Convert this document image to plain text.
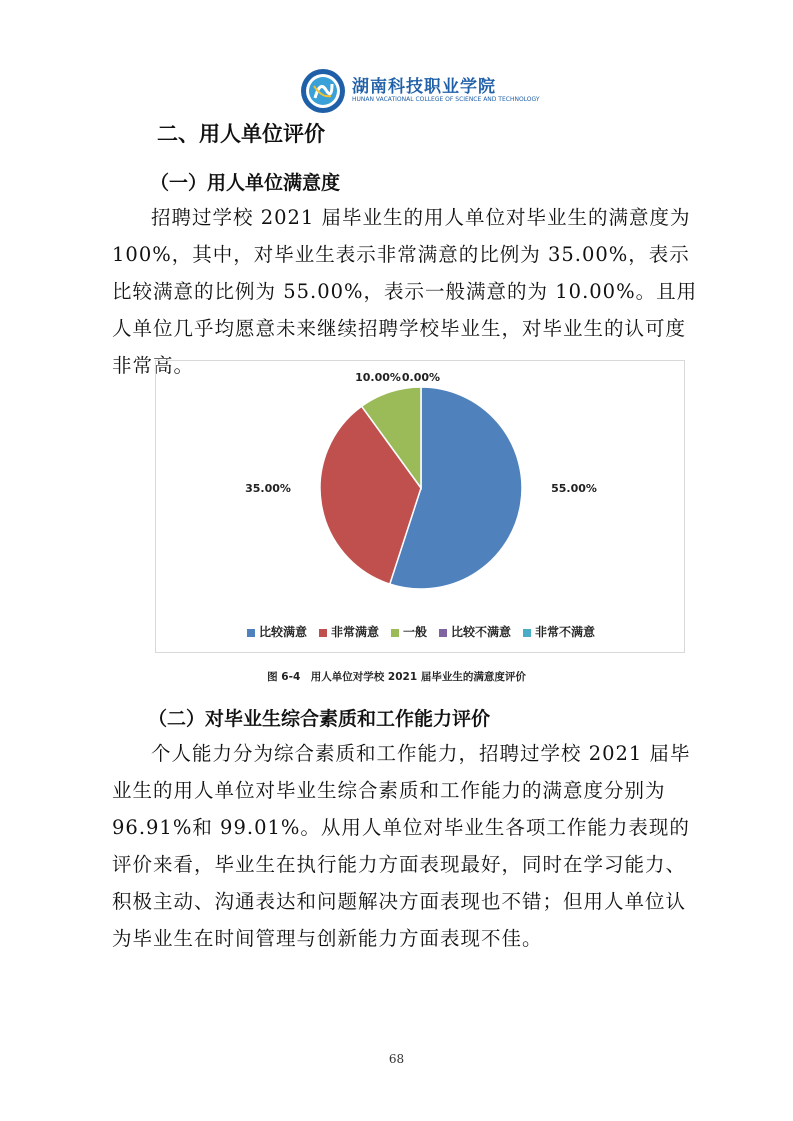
湖南科技职业学院
HUNAN VACATIONAL COLLEGE OF SCIENCE AND TECHNOLOGY
二、用人单位评价
（一）用人单位满意度

招聘过学校 2021 届毕业生的用人单位对毕业生的满意度为100%，其中，对毕业生表示非常满意的比例为 35.00%，表示比较满意的比例为 55.00%，表示一般满意的为 10.00%。且用人单位几乎均愿意未来继续招聘学校毕业生，对毕业生的认可度非常高。

55.00%
35.00%
10.00% 0.00%
比较满意 非常满意 一般 比较不满意 非常不满意
图 6-4　用人单位对学校 2021 届毕业生的满意度评价
（二）对毕业生综合素质和工作能力评价

个人能力分为综合素质和工作能力，招聘过学校 2021 届毕业生的用人单位对毕业生综合素质和工作能力的满意度分别为 96.91%和 99.01%。从用人单位对毕业生各项工作能力表现的评价来看，毕业生在执行能力方面表现最好，同时在学习能力、积极主动、沟通表达和问题解决方面表现也不错；但用人单位认为毕业生在时间管理与创新能力方面表现不佳。

68
